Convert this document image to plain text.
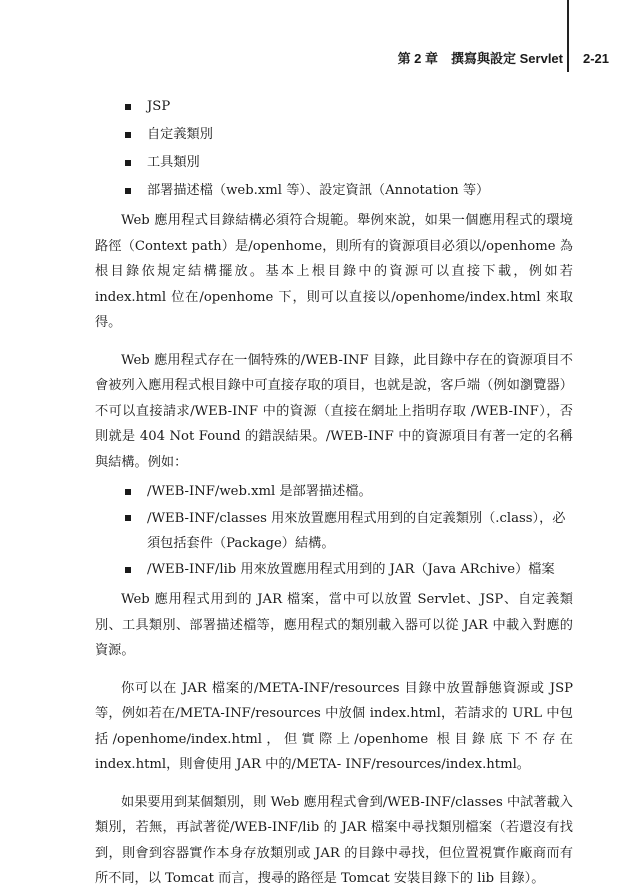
第 2 章　撰寫與設定 Servlet 2-21
JSP
自定義類別
工具類別
部署描述檔（web.xml 等）、設定資訊（Annotation 等）

Web 應用程式目錄結構必須符合規範。舉例來說，如果一個應用程式的環境路徑（Context path）是/openhome，則所有的資源項目必須以/openhome 為根目錄依規定結構擺放。基本上根目錄中的資源可以直接下載，例如若 index.html 位在/openhome 下，則可以直接以/openhome/index.html 來取得。

Web 應用程式存在一個特殊的/WEB-INF 目錄，此目錄中存在的資源項目不會被列入應用程式根目錄中可直接存取的項目，也就是說，客戶端（例如瀏覽器）不可以直接請求/WEB-INF 中的資源（直接在網址上指明存取 /WEB-INF），否則就是 404 Not Found 的錯誤結果。/WEB-INF 中的資源項目有著一定的名稱與結構。例如：

/WEB-INF/web.xml 是部署描述檔。
/WEB-INF/classes 用來放置應用程式用到的自定義類別（.class），必須包括套件（Package）結構。
/WEB-INF/lib 用來放置應用程式用到的 JAR（Java ARchive）檔案

Web 應用程式用到的 JAR 檔案，當中可以放置 Servlet、JSP、自定義類別、工具類別、部署描述檔等，應用程式的類別載入器可以從 JAR 中載入對應的資源。

你可以在 JAR 檔案的/META-INF/resources 目錄中放置靜態資源或 JSP 等，例如若在/META-INF/resources 中放個 index.html，若請求的 URL 中包括/openhome/index.html，但實際上/openhome 根目錄底下不存在 index.html，則會使用 JAR 中的/META- INF/resources/index.html。

如果要用到某個類別，則 Web 應用程式會到/WEB-INF/classes 中試著載入類別，若無，再試著從/WEB-INF/lib 的 JAR 檔案中尋找類別檔案（若還沒有找到，則會到容器實作本身存放類別或 JAR 的目錄中尋找，但位置視實作廠商而有所不同，以 Tomcat 而言，搜尋的路徑是 Tomcat 安裝目錄下的 lib 目錄）。
